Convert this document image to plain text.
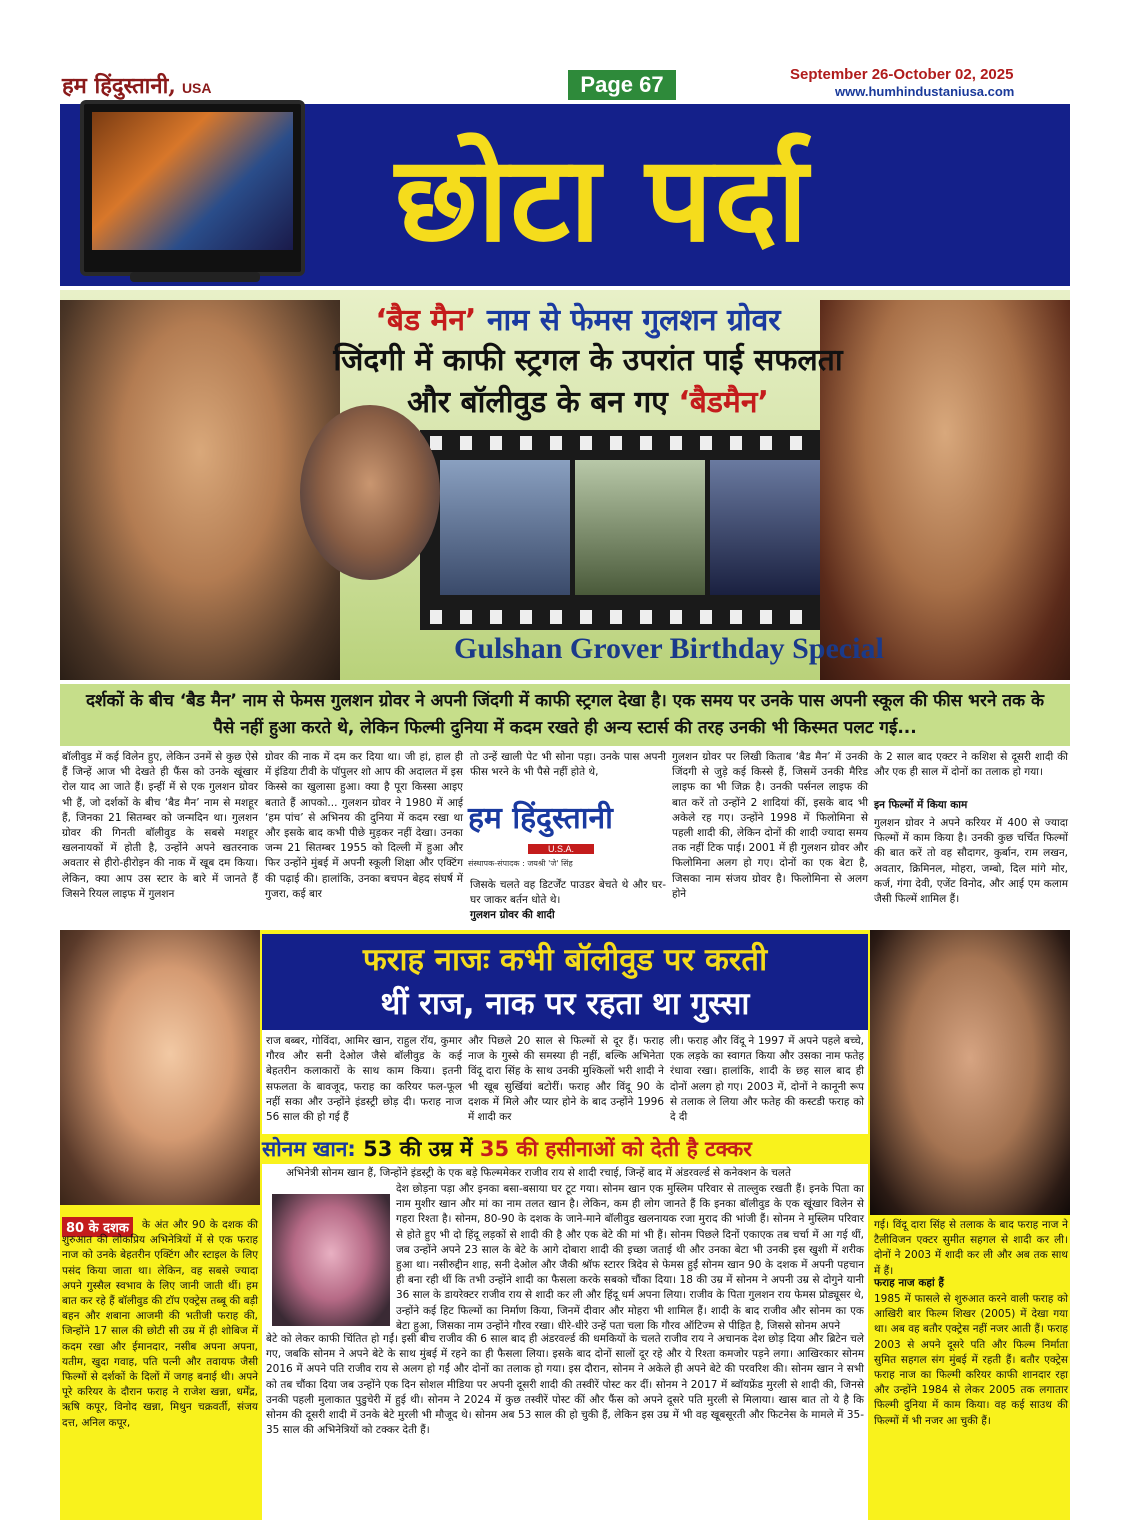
हम हिंदुस्तानी, USA	Page 67	September 26-October 02, 2025
www.humhindustaniusa.com
छोटा पर्दा
‘बैड मैन’ नाम से फेमस गुलशन ग्रोवर
जिंदगी में काफी स्ट्रगल के उपरांत पाई सफलता
और बॉलीवुड के बन गए ‘बैडमैन’
Gulshan Grover Birthday Special
दर्शकों के बीच ‘बैड मैन’ नाम से फेमस गुलशन ग्रोवर ने अपनी जिंदगी में काफी स्ट्रगल देखा है। एक समय पर उनके पास अपनी स्कूल की फीस भरने तक के पैसे नहीं हुआ करते थे, लेकिन फिल्मी दुनिया में कदम रखते ही अन्य स्टार्स की तरह उनकी भी किस्मत पलट गई...
बॉलीवुड में कई विलेन हुए, लेकिन उनमें से कुछ ऐसे हैं जिन्हें आज भी देखते ही फैंस को उनके खूंखार रोल याद आ जाते हैं। इन्हीं में से एक गुलशन ग्रोवर भी हैं, जो दर्शकों के बीच ‘बैड मैन’ नाम से मशहूर हैं, जिनका 21 सितम्बर को जन्मदिन था। गुलशन ग्रोवर की गिनती बॉलीवुड के सबसे मशहूर खलनायकों में होती है, उन्होंने अपने खतरनाक अवतार से हीरो-हीरोइन की नाक में खूब दम किया। लेकिन, क्या आप उस स्टार के बारे में जानते हैं जिसने रियल लाइफ में गुलशन
ग्रोवर की नाक में दम कर दिया था। जी हां, हाल ही में इंडिया टीवी के पॉपुलर शो आप की अदालत में इस किस्से का खुलासा हुआ। क्या है पूरा किस्सा आइए बताते हैं आपको... गुलशन ग्रोवर ने 1980 में आई ‘हम पांच’ से अभिनय की दुनिया में कदम रखा था और इसके बाद कभी पीछे मुड़कर नहीं देखा। उनका जन्म 21 सितम्बर 1955 को दिल्ली में हुआ और फिर उन्होंने मुंबई में अपनी स्कूली शिक्षा और एक्टिंग की पढ़ाई की। हालांकि, उनका बचपन बेहद संघर्ष में गुजरा, कई बार
तो उन्हें खाली पेट भी सोना पड़ा। उनके पास अपनी फीस भरने के भी पैसे नहीं होते थे,
हम हिंदुस्तानी
U.S.A.
संस्थापक-संपादक : जयश्री 'जे' सिंह
जिसके चलते वह डिटर्जेंट पाउडर बेचते थे और घर-घर जाकर बर्तन धोते थे।
गुलशन ग्रोवर की शादी
गुलशन ग्रोवर पर लिखी किताब ‘बैड मैन’ में उनकी जिंदगी से जुड़े कई किस्से हैं, जिसमें उनकी मैरिड लाइफ का भी जिक्र है। उनकी पर्सनल लाइफ की बात करें तो उन्होंने 2 शादियां कीं, इसके बाद भी अकेले रह गए। उन्होंने 1998 में फिलोमिना से पहली शादी की, लेकिन दोनों की शादी ज्यादा समय तक नहीं टिक पाई। 2001 में ही गुलशन ग्रोवर और फिलोमिना अलग हो गए। दोनों का एक बेटा है, जिसका नाम संजय ग्रोवर है। फिलोमिना से अलग होने
के 2 साल बाद एक्टर ने कशिश से दूसरी शादी की और एक ही साल में दोनों का तलाक हो गया।
इन फिल्मों में किया काम
गुलशन ग्रोवर ने अपने करियर में 400 से ज्यादा फिल्मों में काम किया है। उनकी कुछ चर्चित फिल्मों की बात करें तो वह सौदागर, कुर्बान, राम लखन, अवतार, क्रिमिनल, मोहरा, जम्बो, दिल मांगे मोर, कर्ज, गंगा देवी, एजेंट विनोद, और आई एम कलाम जैसी फिल्में शामिल हैं।
फराह नाजः कभी बॉलीवुड पर करती
थीं राज, नाक पर रहता था गुस्सा
राज बब्बर, गोविंदा, आमिर खान, राहुल रॉय, कुमार गौरव और सनी देओल जैसे बॉलीवुड के कई बेहतरीन कलाकारों के साथ काम किया। इतनी सफलता के बावजूद, फराह का करियर फल-फूल नहीं सका और उन्होंने इंडस्ट्री छोड़ दी। फराह नाज 56 साल की हो गई हैं
और पिछले 20 साल से फिल्मों से दूर हैं। फराह नाज के गुस्से की समस्या ही नहीं, बल्कि अभिनेता विंदू दारा सिंह के साथ उनकी मुश्किलों भरी शादी ने भी खूब सुर्खियां बटोरीं। फराह और विंदू 90 के दशक में मिले और प्यार होने के बाद उन्होंने 1996 में शादी कर
ली। फराह और विंदू ने 1997 में अपने पहले बच्चे, एक लड़के का स्वागत किया और उसका नाम फतेह रंधावा रखा। हालांकि, शादी के छह साल बाद ही दोनों अलग हो गए। 2003 में, दोनों ने कानूनी रूप से तलाक ले लिया और फतेह की कस्टडी फराह को दे दी
सोनम खान: 53 की उम्र में 35 की हसीनाओं को देती है टक्कर
अभिनेत्री सोनम खान हैं, जिन्होंने इंडस्ट्री के एक बड़े फिल्ममेकर राजीव राय से शादी रचाई, जिन्हें बाद में अंडरवर्ल्ड से कनेक्शन के चलते
देश छोड़ना पड़ा और इनका बसा-बसाया घर टूट गया। सोनम खान एक मुस्लिम परिवार से ताल्लुक रखती हैं। इनके पिता का नाम मुशीर खान और मां का नाम तलत खान है। लेकिन, कम ही लोग जानते हैं कि इनका बॉलीवुड के एक खूंखार विलेन से गहरा रिश्ता है। सोनम, 80-90 के दशक के जाने-माने बॉलीवुड खलनायक रजा मुराद की भांजी हैं। सोनम ने मुस्लिम परिवार से होते हुए भी दो हिंदू लड़कों से शादी की है और एक बेटे की मां भी हैं। सोनम पिछले दिनों एकाएक तब चर्चा में आ गई थीं, जब उन्होंने अपने 23 साल के बेटे के आगे दोबारा शादी की इच्छा जताई थी और उनका बेटा भी उनकी इस खुशी में शरीक हुआ था। नसीरुद्दीन शाह, सनी देओल और जैकी श्रॉफ स्टारर त्रिदेव से फेमस हुईं सोनम खान 90 के दशक में अपनी पहचान ही बना रही थीं कि तभी उन्होंने शादी का फैसला करके सबको चौंका दिया। 18 की उम्र में सोनम ने अपनी उम्र से दोगुने यानी 36 साल के डायरेक्टर राजीव राय से शादी कर ली और हिंदू धर्म अपना लिया। राजीव के पिता गुलशन राय फेमस प्रोड्यूसर थे, उन्होंने कई हिट फिल्मों का निर्माण किया, जिनमें दीवार और मोहरा भी शामिल हैं। शादी के बाद राजीव और सोनम का एक बेटा हुआ, जिसका नाम उन्होंने गौरव रखा। धीरे-धीरे उन्हें पता चला कि गौरव ऑटिज्म से पीड़ित है, जिससे सोनम अपने
बेटे को लेकर काफी चिंतित हो गईं। इसी बीच राजीव की 6 साल बाद ही अंडरवर्ल्ड की धमकियों के चलते राजीव राय ने अचानक देश छोड़ दिया और ब्रिटेन चले गए, जबकि सोनम ने अपने बेटे के साथ मुंबई में रहने का ही फैसला लिया। इसके बाद दोनों सालों दूर रहे और ये रिश्ता कमजोर पड़ने लगा। आखिरकार सोनम 2016 में अपने पति राजीव राय से अलग हो गईं और दोनों का तलाक हो गया। इस दौरान, सोनम ने अकेले ही अपने बेटे की परवरिश की। सोनम खान ने सभी को तब चौंका दिया जब उन्होंने एक दिन सोशल मीडिया पर अपनी दूसरी शादी की तस्वीरें पोस्ट कर दीं। सोनम ने 2017 में ब्वॉयफ्रेंड मुरली से शादी की, जिनसे उनकी पहली मुलाकात पुडुचेरी में हुई थी। सोनम ने 2024 में कुछ तस्वीरें पोस्ट कीं और फैंस को अपने दूसरे पति मुरली से मिलाया। खास बात तो ये है कि सोनम की दूसरी शादी में उनके बेटे मुरली भी मौजूद थे। सोनम अब 53 साल की हो चुकी हैं, लेकिन इस उम्र में भी वह खूबसूरती और फिटनेस के मामले में 35-35 साल की अभिनेत्रियों को टक्कर देती हैं।
80 के दशक	के अंत और 90 के दशक की शुरुआत की लोकप्रिय अभिनेत्रियों में से एक फराह नाज को उनके बेहतरीन एक्टिंग और स्टाइल के लिए पसंद किया जाता था। लेकिन, वह सबसे ज्यादा अपने गुस्सैल स्वभाव के लिए जानी जाती थीं। हम बात कर रहे हैं बॉलीवुड की टॉप एक्ट्रेस तब्बू की बड़ी बहन और शबाना आजमी की भतीजी फराह की, जिन्होंने 17 साल की छोटी सी उम्र में ही शोबिज में कदम रखा और ईमानदार, नसीब अपना अपना, यतीम, खुदा गवाह, पति पत्नी और तवायफ जैसी फिल्मों से दर्शकों के दिलों में जगह बनाई थी। अपने पूरे करियर के दौरान फराह ने राजेश खन्ना, धर्मेंद्र, ऋषि कपूर, विनोद खन्ना, मिथुन चक्रवर्ती, संजय दत्त, अनिल कपूर,
गई। विंदू दारा सिंह से तलाक के बाद फराह नाज ने टैलीविजन एक्टर सुमीत सहगल से शादी कर ली। दोनों ने 2003 में शादी कर ली और अब तक साथ में हैं।
फराह नाज कहां हैं
1985 में फासले से शुरुआत करने वाली फराह को आखिरी बार फिल्म शिखर (2005) में देखा गया था। अब वह बतौर एक्ट्रेस नहीं नजर आती हैं। फराह 2003 से अपने दूसरे पति और फिल्म निर्माता सुमित सहगल संग मुंबई में रहती हैं। बतौर एक्ट्रेस फराह नाज का फिल्मी करियर काफी शानदार रहा और उन्होंने 1984 से लेकर 2005 तक लगातार फिल्मी दुनिया में काम किया। वह कई साउथ की फिल्मों में भी नजर आ चुकी हैं।
